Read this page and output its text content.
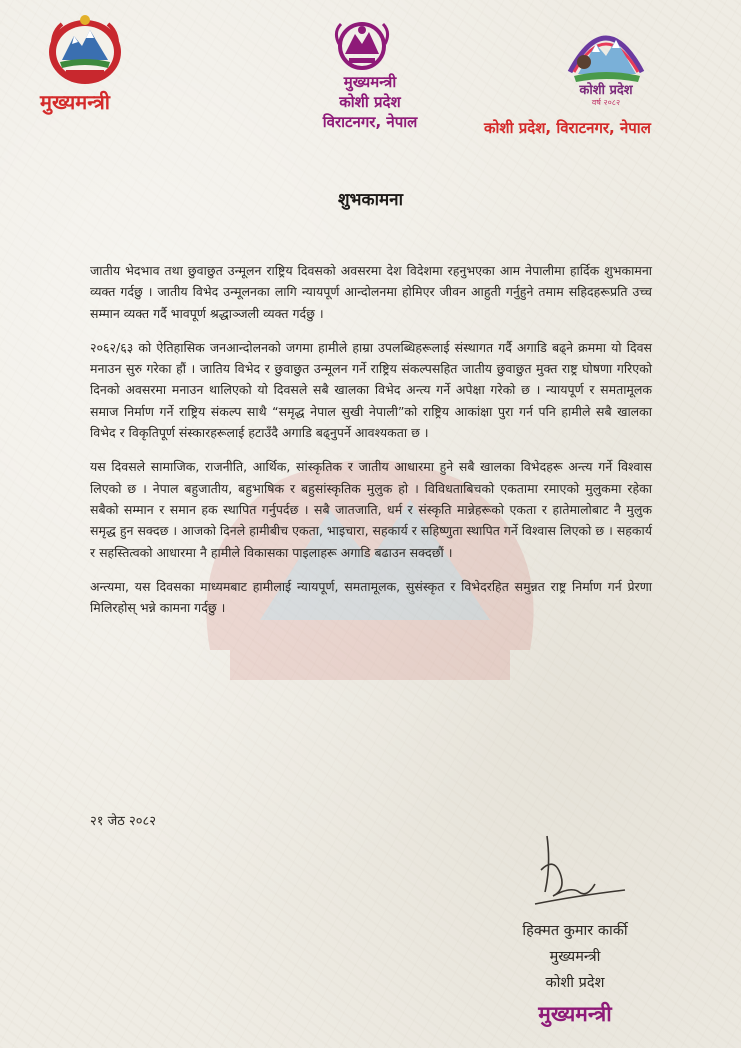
मुख्यमन्त्री
मुख्यमन्त्री
कोशी प्रदेश
विराटनगर, नेपाल
कोशी प्रदेश
वर्ष २०८२
कोशी प्रदेश, विराटनगर, नेपाल
शुभकामना

जातीय भेदभाव तथा छुवाछुत उन्मूलन राष्ट्रिय दिवसको अवसरमा देश विदेशमा रहनुभएका आम नेपालीमा हार्दिक शुभकामना व्यक्त गर्दछु । जातीय विभेद उन्मूलनका लागि न्यायपूर्ण आन्दोलनमा होमिएर जीवन आहुती गर्नुहुने तमाम सहिदहरूप्रति उच्च सम्मान व्यक्त गर्दै भावपूर्ण श्रद्धाञ्जली व्यक्त गर्दछु ।

२०६२/६३ को ऐतिहासिक जनआन्दोलनको जगमा हामीले हाम्रा उपलब्धिहरूलाई संस्थागत गर्दै अगाडि बढ्ने क्रममा यो दिवस मनाउन सुरु गरेका हौं । जातिय विभेद र छुवाछुत उन्मूलन गर्ने राष्ट्रिय संकल्पसहित जातीय छुवाछुत मुक्त राष्ट्र घोषणा गरिएको दिनको अवसरमा मनाउन थालिएको यो दिवसले सबै खालका विभेद अन्त्य गर्ने अपेक्षा गरेको छ । न्यायपूर्ण र समतामूलक समाज निर्माण गर्ने राष्ट्रिय संकल्प साथै “समृद्ध नेपाल सुखी नेपाली”को राष्ट्रिय आकांक्षा पुरा गर्न पनि हामीले सबै खालका विभेद र विकृतिपूर्ण संस्कारहरूलाई हटाउँदै अगाडि बढ्नुपर्ने आवश्यकता छ ।

यस दिवसले सामाजिक, राजनीति, आर्थिक, सांस्कृतिक र जातीय आधारमा हुने सबै खालका विभेदहरू अन्त्य गर्ने विश्वास लिएको छ । नेपाल बहुजातीय, बहुभाषिक र बहुसांस्कृतिक मुलुक हो । विविधताबिचको एकतामा रमाएको मुलुकमा रहेका सबैको सम्मान र समान हक स्थापित गर्नुपर्दछ । सबै जातजाति, धर्म र संस्कृति मान्नेहरूको एकता र हातेमालोबाट नै मुलुक समृद्ध हुन सक्दछ । आजको दिनले हामीबीच एकता, भाइचारा, सहकार्य र सहिष्णुता स्थापित गर्ने विश्वास लिएको छ । सहकार्य र सहस्तित्वको आधारमा नै हामीले विकासका पाइलाहरू अगाडि बढाउन सक्दछौं ।

अन्त्यमा, यस दिवसका माध्यमबाट हामीलाई न्यायपूर्ण, समतामूलक, सुसंस्कृत र विभेदरहित समुन्नत राष्ट्र निर्माण गर्न प्रेरणा मिलिरहोस् भन्ने कामना गर्दछु ।

२१ जेठ २०८२
हिक्मत कुमार कार्की
मुख्यमन्त्री
कोशी प्रदेश
मुख्यमन्त्री
